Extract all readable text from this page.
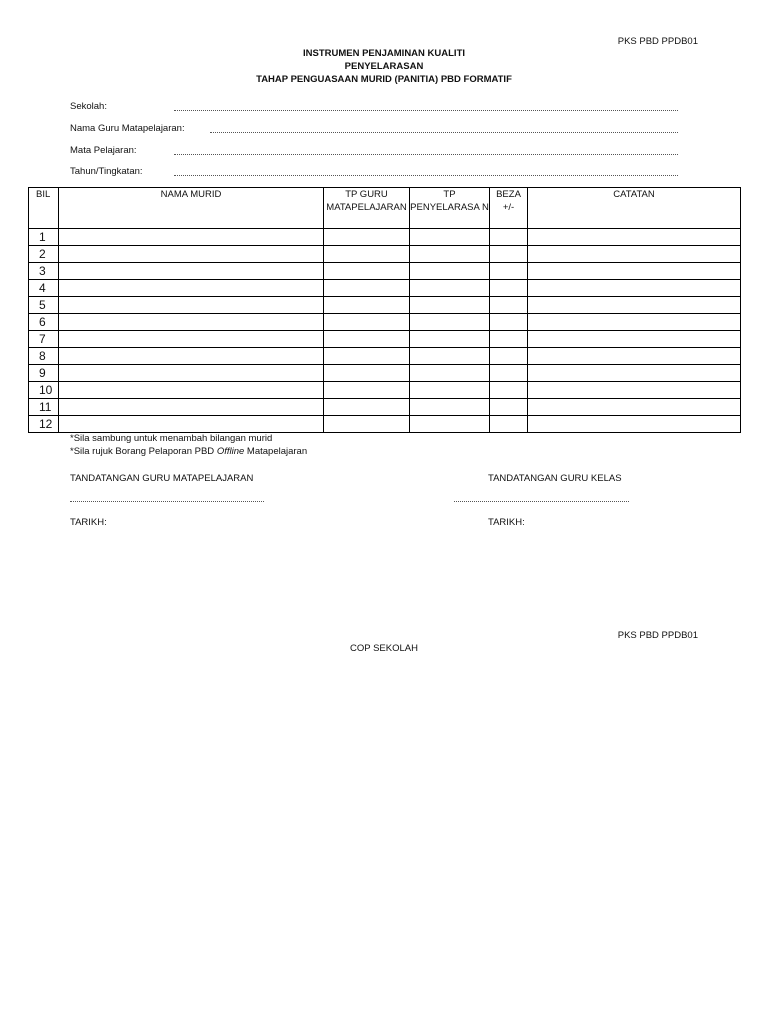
PKS PBD PPDB01
INSTRUMEN PENJAMINAN KUALITI
PENYELARASAN
TAHAP PENGUASAAN MURID (PANITIA) PBD FORMATIF
Sekolah:
Nama Guru Matapelajaran:
Mata Pelajaran:
Tahun/Tingkatan:
BIL	NAMA MURID	TP GURU MATAPELAJARAN	TP PENYELARASA N	BEZA +/-	CATATAN
1					
2					
3					
4					
5					
6					
7					
8					
9					
10					
11					
12					
*Sila sambung untuk menambah bilangan murid
*Sila rujuk Borang Pelaporan PBD Offline Matapelajaran
TANDATANGAN GURU MATAPELAJARAN	TANDATANGAN GURU KELAS
TARIKH:	TARIKH:
PKS PBD PPDB01
COP SEKOLAH
